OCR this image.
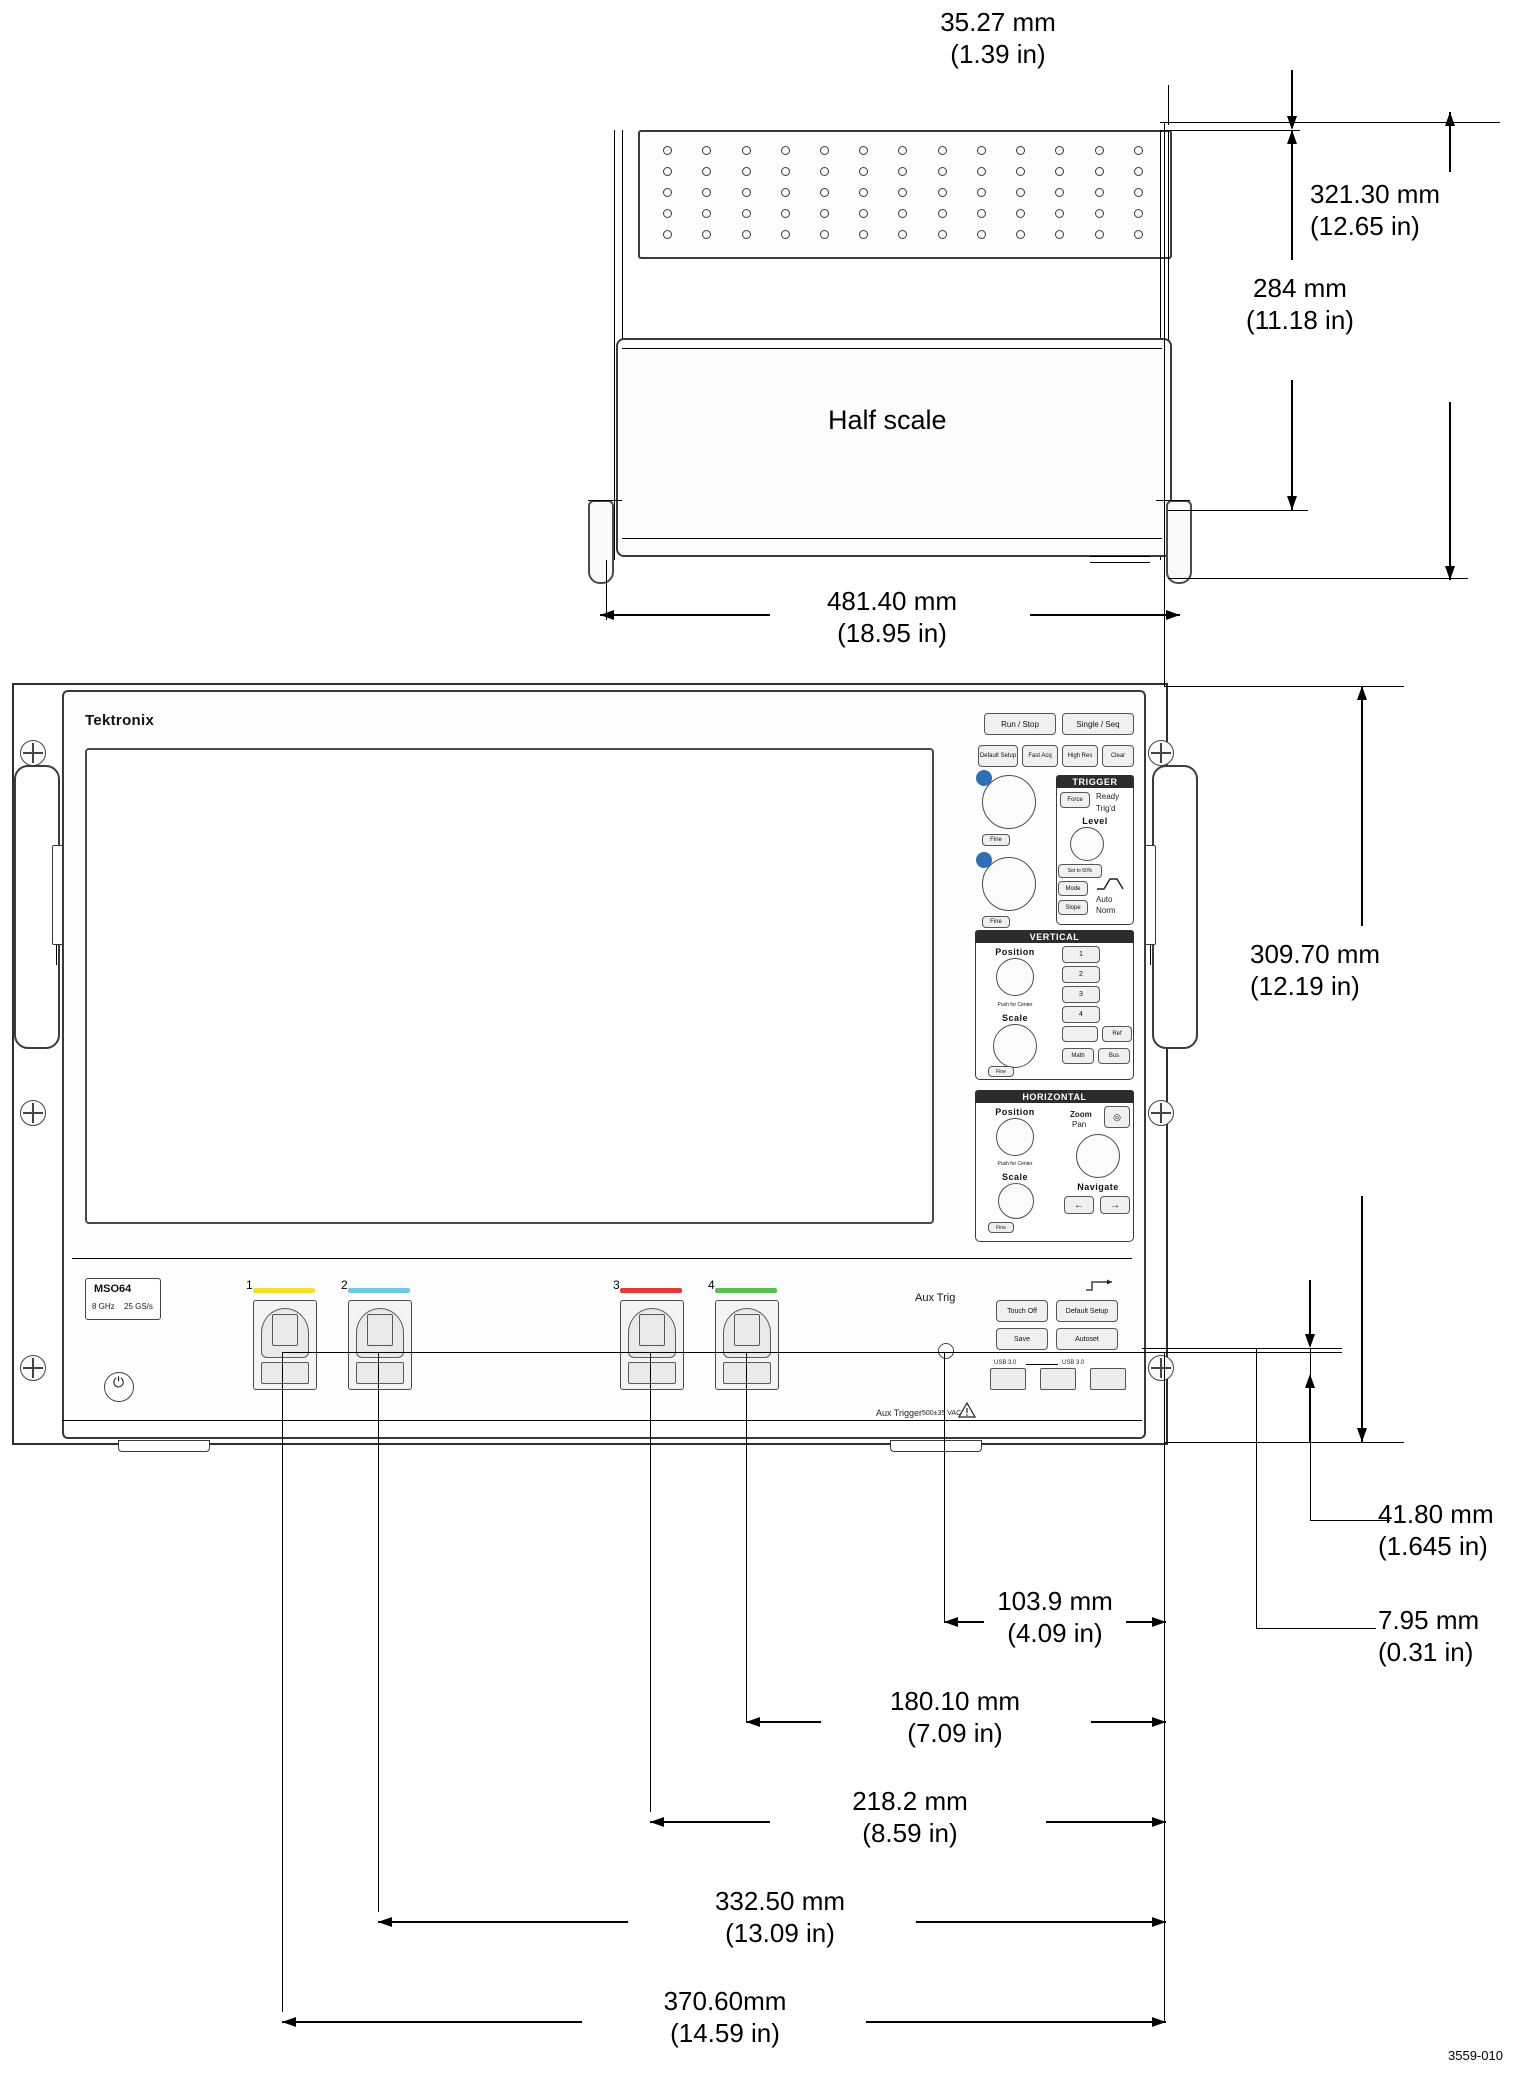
Half scale
35.27 mm
(1.39 in)
284 mm
(11.18 in)
321.30 mm
(12.65 in)
481.40 mm
(18.95 in)
Tektronix	Run / Stop	Single / Seq
Default Setup	Fast Acq	High Res	Clear
Fine
Fine
TRIGGER
Force	Ready
Trig'd
Level
Set to 50%
Mode
Slope
Auto
Norm
VERTICAL
Position
Push for Center
Scale
Fine
1
2
3
4
Ref
Math	Bus
HORIZONTAL
Position
Push for Center
Scale
Fine
Zoom
Pan
◎
Navigate
←	→
MSO64
8 GHz 25 GS/s
⏻
1	2	3	4
Aux Trig
Touch Off	Default Setup
Save	Autoset
USB 3.0	USB 3.0
Aux Trigger 500±35 VAC
309.70 mm
(12.19 in)
41.80 mm
(1.645 in)
7.95 mm
(0.31 in)
103.9 mm
(4.09 in)
180.10 mm
(7.09 in)
218.2 mm
(8.59 in)
332.50 mm
(13.09 in)
370.60mm
(14.59 in)
3559-010
